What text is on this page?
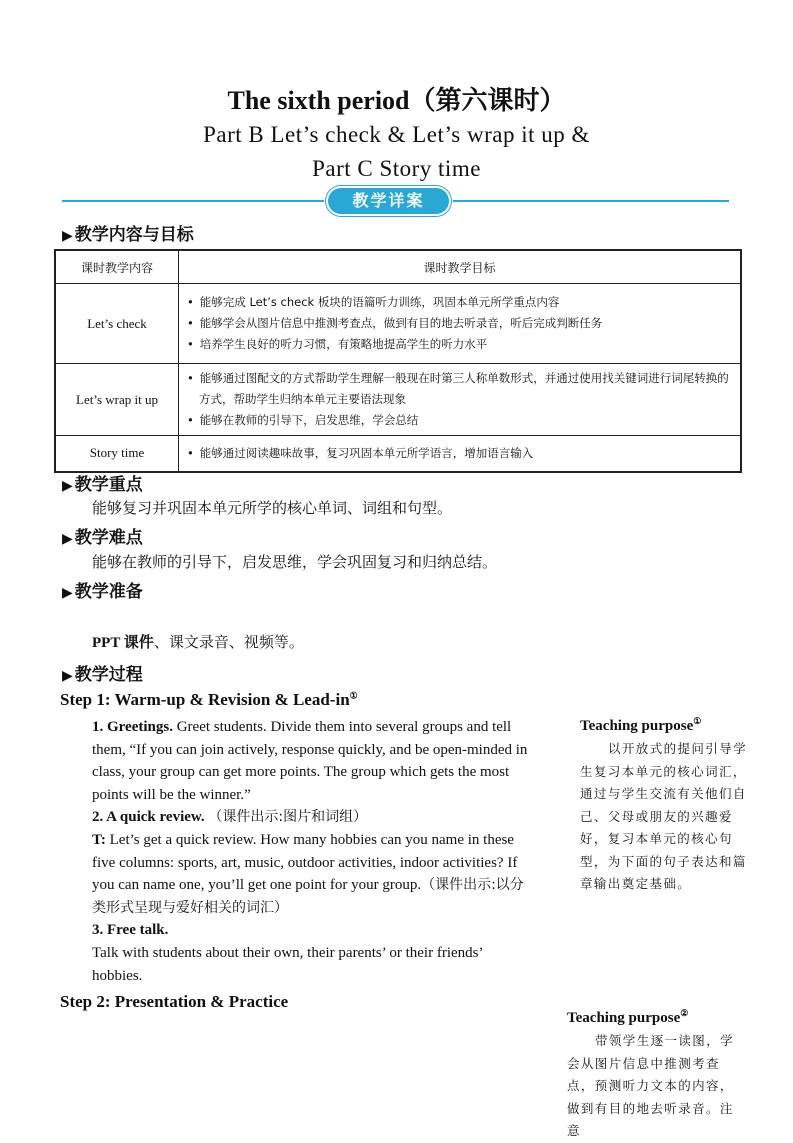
The sixth period（第六课时）
Part B Let’s check & Let’s wrap it up &
Part C Story time
教学详案
▶ 教学内容与目标
课时教学内容	课时教学目标
Let’s check	• 能够完成 Let’s check 板块的语篇听力训练，巩固本单元所学重点内容
• 能够学会从图片信息中推测考查点，做到有目的地去听录音，听后完成判断任务
• 培养学生良好的听力习惯，有策略地提高学生的听力水平

Let’s wrap it up	• 能够通过图配文的方式帮助学生理解一般现在时第三人称单数形式，并通过使用找关键词进行词尾转换的方式，帮助学生归纳本单元主要语法现象
• 能够在教师的引导下，启发思维，学会总结

Story time	• 能够通过阅读趣味故事，复习巩固本单元所学语言，增加语言输入
▶ 教学重点
能够复习并巩固本单元所学的核心单词、词组和句型。
▶ 教学难点
能够在教师的引导下，启发思维，学会巩固复习和归纳总结。
▶ 教学准备
PPT 课件、课文录音、视频等。
▶ 教学过程
Step 1: Warm-up & Revision & Lead-in①
1. Greetings. Greet students. Divide them into several groups and tell them, “If you can join actively, response quickly, and be open-minded in class, your group can get more points. The group which gets the most points will be the winner.”
2. A quick review. （课件出示:图片和词组）
T: Let’s get a quick review. How many hobbies can you name in these five columns: sports, art, music, outdoor activities, indoor activities? If you can name one, you’ll get one point for your group.（课件出示:以分类形式呈现与爱好相关的词汇）
3. Free talk.
Talk with students about their own, their parents’ or their friends’ hobbies.
Step 2: Presentation & Practice
Teaching purpose①
以开放式的提问引导学生复习本单元的核心词汇，通过与学生交流有关他们自己、父母或朋友的兴趣爱好，复习本单元的核心句型，为下面的句子表达和篇章输出奠定基础。
Teaching purpose②
带领学生逐一读图，学会从图片信息中推测考查点，预测听力文本的内容，做到有目的地去听录音。注意
